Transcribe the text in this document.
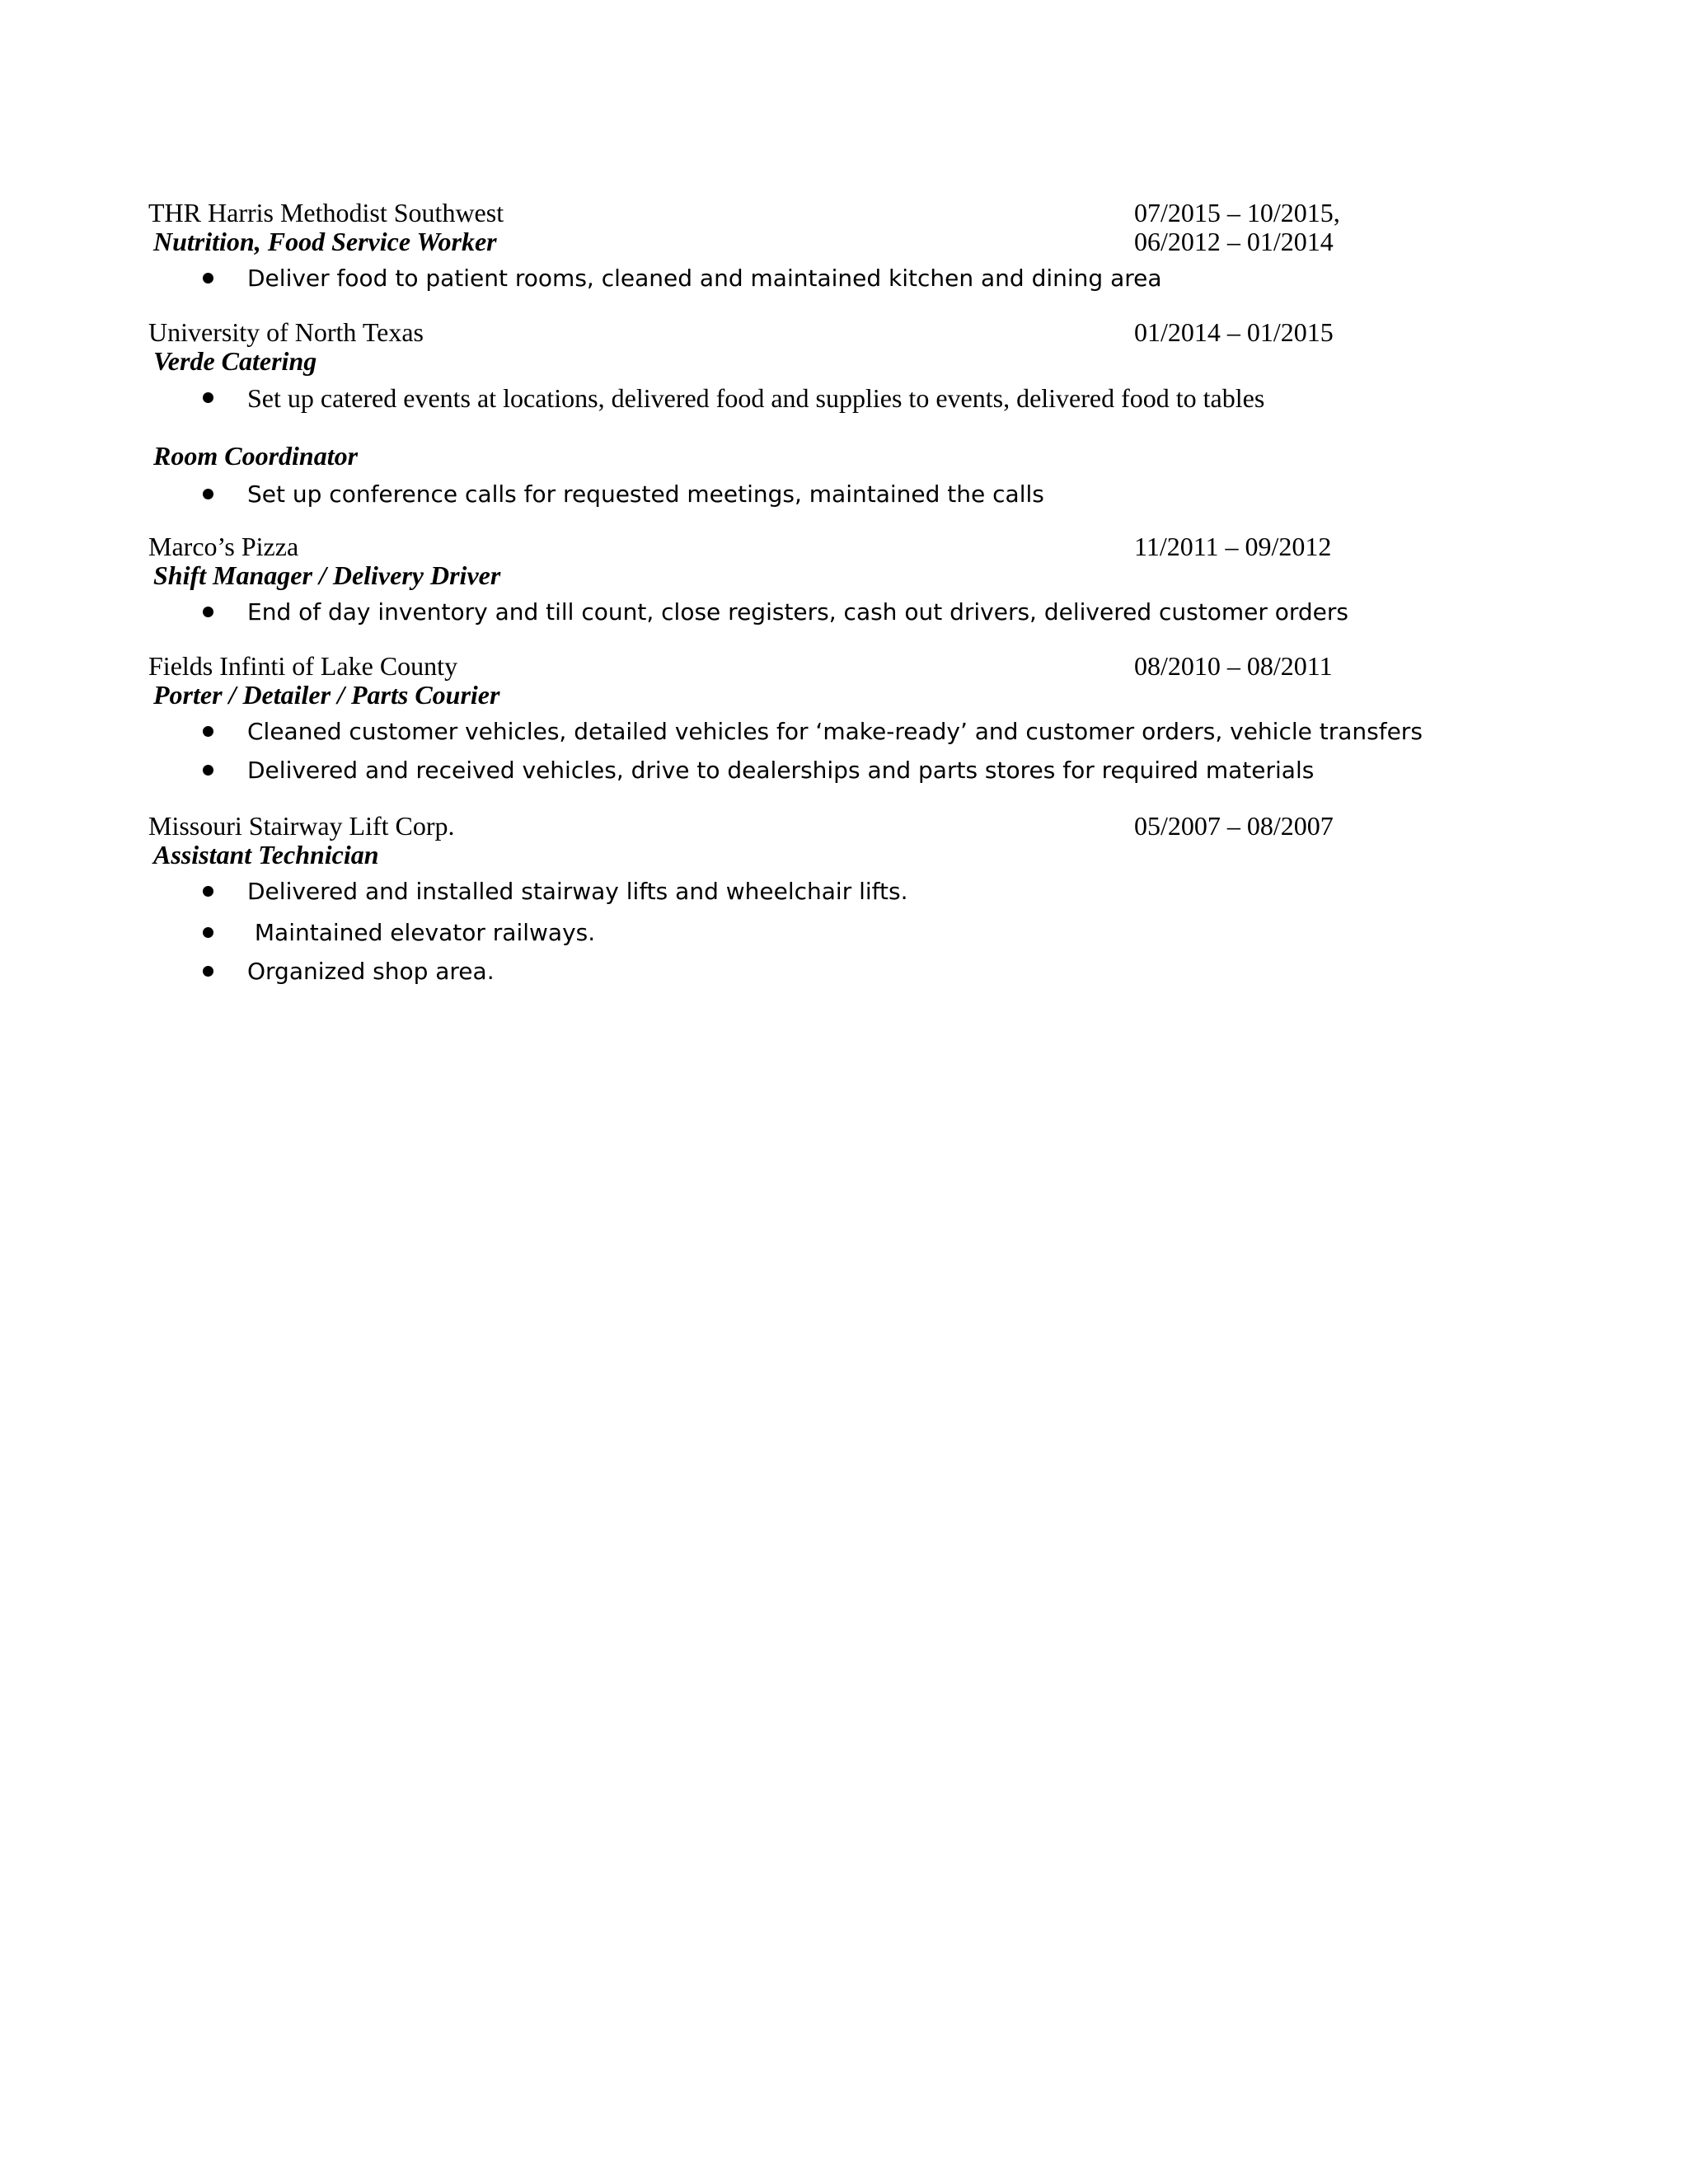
THR Harris Methodist Southwest	07/2015 – 10/2015,
06/2012 – 01/2014
Nutrition, Food Service Worker
Deliver food to patient rooms, cleaned and maintained kitchen and dining area
University of North Texas	01/2014 – 01/2015
Verde Catering
Set up catered events at locations, delivered food and supplies to events, delivered food to tables
Room Coordinator
Set up conference calls for requested meetings, maintained the calls
Marco’s Pizza	11/2011 – 09/2012
Shift Manager / Delivery Driver
End of day inventory and till count, close registers, cash out drivers, delivered customer orders
Fields Infinti of Lake County	08/2010 – 08/2011
Porter / Detailer / Parts Courier
Cleaned customer vehicles, detailed vehicles for ‘make-ready’ and customer orders, vehicle transfers
Delivered and received vehicles, drive to dealerships and parts stores for required materials
Missouri Stairway Lift Corp.	05/2007 – 08/2007
Assistant Technician
Delivered and installed stairway lifts and wheelchair lifts.
Maintained elevator railways.
Organized shop area.
